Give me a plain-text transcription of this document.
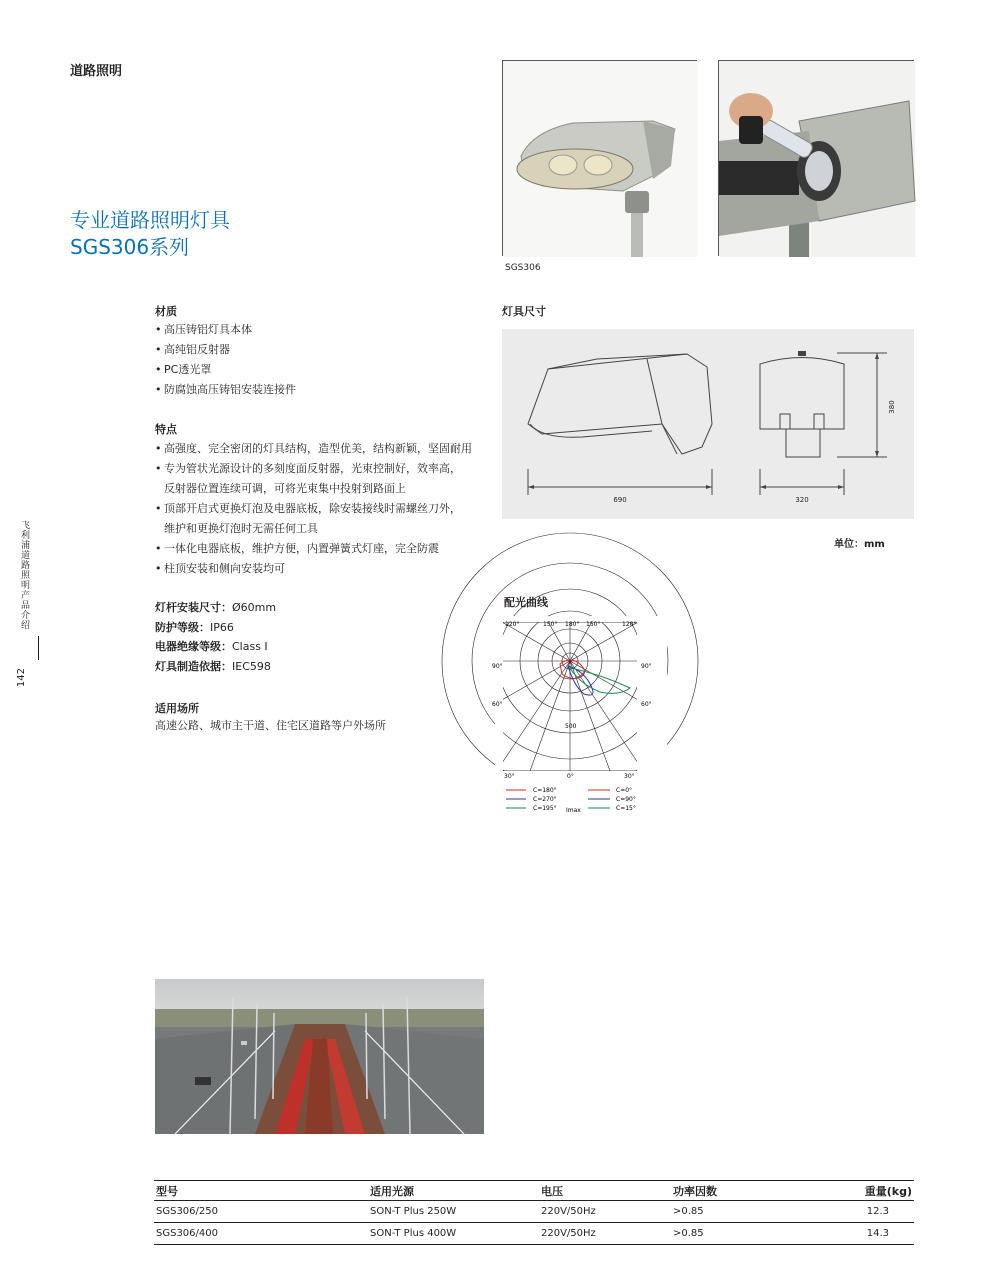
道路照明
专业道路照明灯具
SGS306系列
SGS306
飞利浦道路照明产品介绍
142
材质
• 高压铸铝灯具本体
• 高纯铝反射器
• PC透光罩
• 防腐蚀高压铸铝安装连接件
特点
• 高强度、完全密闭的灯具结构，造型优美，结构新颖，坚固耐用
• 专为管状光源设计的多刻度面反射器，光束控制好，效率高，
反射器位置连续可调，可将光束集中投射到路面上
• 顶部开启式更换灯泡及电器底板，除安装接线时需螺丝刀外，
维护和更换灯泡时无需任何工具
• 一体化电器底板，维护方便，内置弹簧式灯座，完全防震
• 柱顶安装和侧向安装均可
灯杆安装尺寸：Ø60mm
防护等级：IP66
电器绝缘等级：Class I
灯具制造依据：IEC598
适用场所
高速公路、城市主干道、住宅区道路等户外场所
灯具尺寸
690	320
380
单位：mm
配光曲线
120°	150° 180° 150°	120°
90°	90°
60°	60°
500
30°	0°	30°
C=180°
C=270°
C=195°
C=0°
C=90°
C=15°
Imax
型号	适用光源	电压	功率因数	重量(kg)
SGS306/250	SON-T Plus 250W	220V/50Hz	>0.85	12.3
SGS306/400	SON-T Plus 400W	220V/50Hz	>0.85	14.3
